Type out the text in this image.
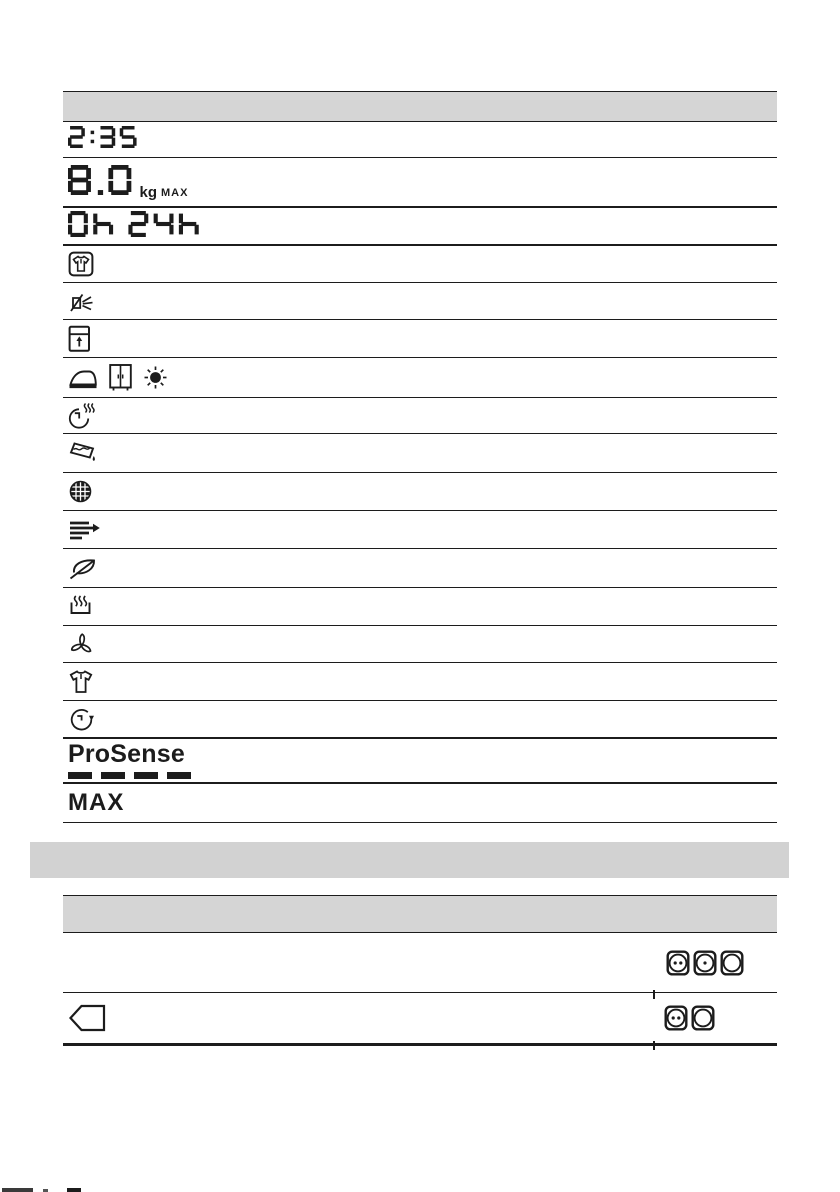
kg MAX
ProSense
MAX
